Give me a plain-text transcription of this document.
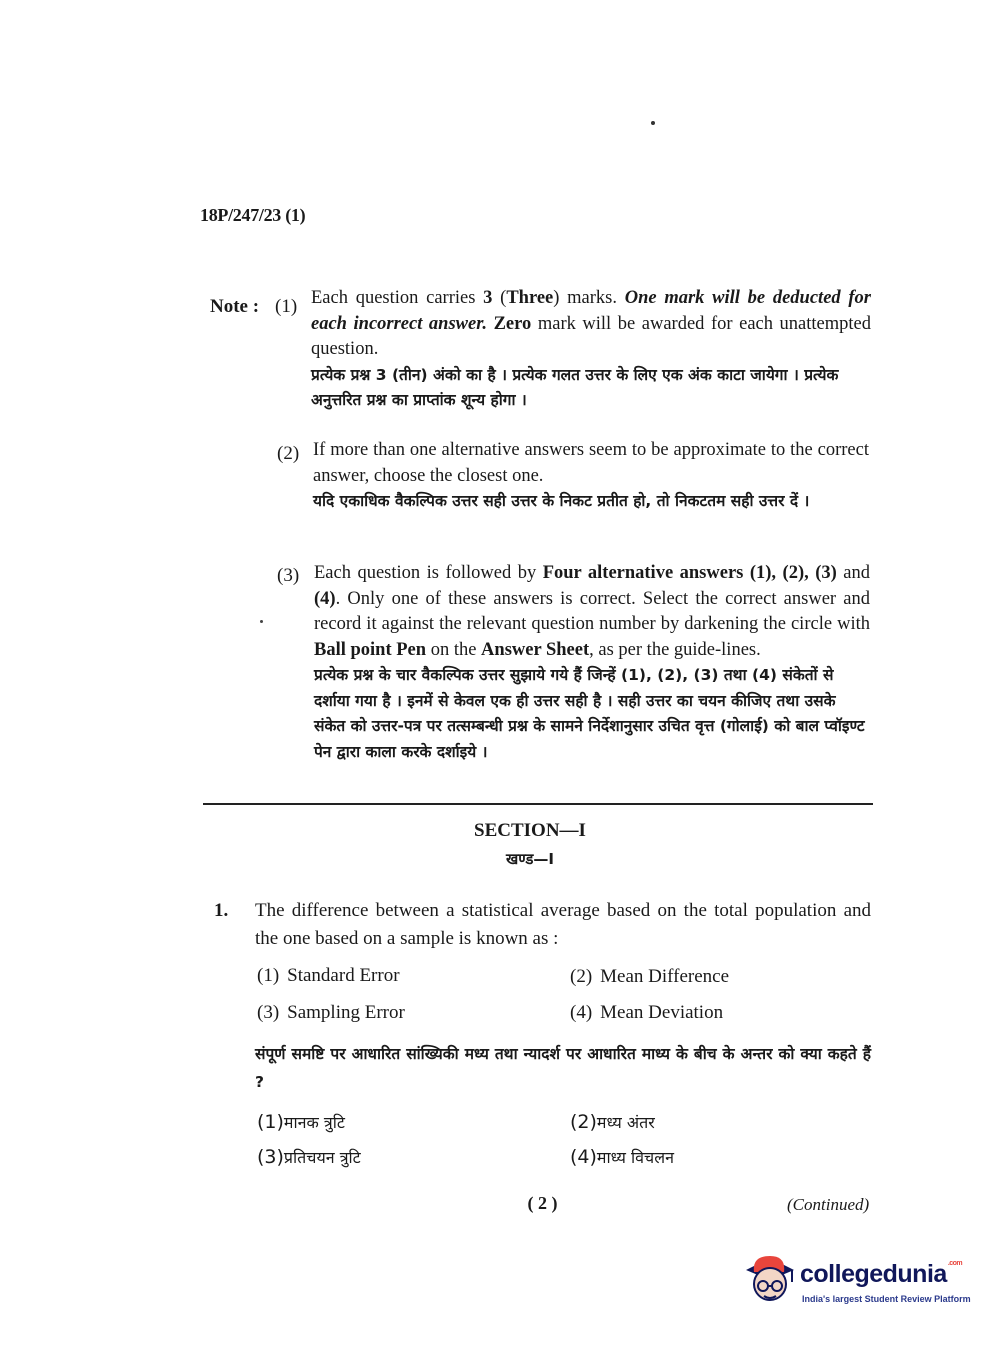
18P/247/23 (1)
Note : (1) Each question carries 3 (Three) marks. One mark will be deducted for each incorrect answer. Zero mark will be awarded for each unattempted question.
प्रत्येक प्रश्न 3 (तीन) अंको का है । प्रत्येक गलत उत्तर के लिए एक अंक काटा जायेगा । प्रत्येक अनुत्तरित प्रश्न का प्राप्तांक शून्य होगा ।
(2) If more than one alternative answers seem to be approximate to the correct answer, choose the closest one.
यदि एकाधिक वैकल्पिक उत्तर सही उत्तर के निकट प्रतीत हो, तो निकटतम सही उत्तर दें ।
(3) Each question is followed by Four alternative answers (1), (2), (3) and (4). Only one of these answers is correct. Select the correct answer and record it against the relevant question number by darkening the circle with Ball point Pen on the Answer Sheet, as per the guide-lines.
प्रत्येक प्रश्न के चार वैकल्पिक उत्तर सुझाये गये हैं जिन्हें (1), (2), (3) तथा (4) संकेतों से दर्शाया गया है । इनमें से केवल एक ही उत्तर सही है । सही उत्तर का चयन कीजिए तथा उसके संकेत को उत्तर-पत्र पर तत्सम्बन्धी प्रश्न के सामने निर्देशानुसार उचित वृत्त (गोलाई) को बाल प्वॉइण्ट पेन द्वारा काला करके दर्शाइये ।
SECTION—I
खण्ड—I
1. The difference between a statistical average based on the total population and the one based on a sample is known as :
(1) Standard Error	(2) Mean Difference
(3) Sampling Error	(4) Mean Deviation
संपूर्ण समष्टि पर आधारित सांख्यिकी मध्य तथा न्यादर्श पर आधारित माध्य के बीच के अन्तर को क्या कहते हैं ?
(1)मानक त्रुटि	(2)मध्य अंतर
(3)प्रतिचयन त्रुटि	(4)माध्य विचलन
( 2 )	(Continued)
collegedunia$^{.com}$
India's largest Student Review Platform
